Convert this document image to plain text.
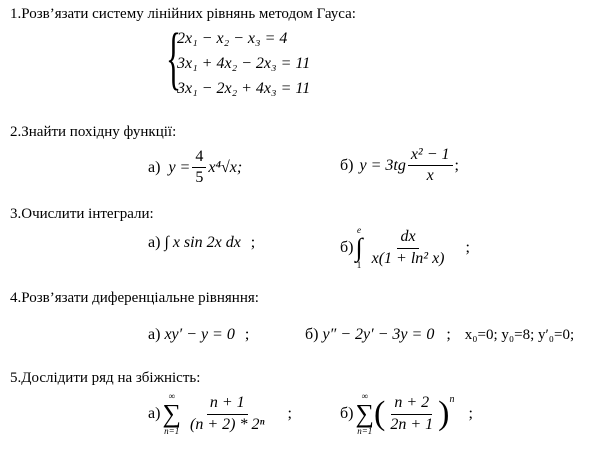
1.Розв’язати систему лінійних рівнянь методом Гауса:
{
2x₁ − x₂ − x₃ = 4
3x₁ + 4x₂ − 2x₃ = 11
3x₁ − 2x₂ + 4x₃ = 11
2.Знайти похідну функції:
а) $y = \frac{4}{5} x^4√x$;	б) $y = 3tg \frac{\text{x² − 1}}{x}$ ;
3.Очислити інтеграли:
а) ∫ x sin 2x dx ;	б)
e
∫
$1 \frac{dx}{\text{x(1 + ln² x)}}$ ;
4.Розв’язати диференціальне рівняння:
а) xy′ − y = 0 ;	б) y″ − 2y′ − 3y = 0 ; x₀=0; y₀=8; y′₀=0;
5.Дослідити ряд на збіжність:
а)
∞
∑
$n=1 \frac{n + 1}{\text{(n + 2) * 2ⁿ}}$ ;	б)
∞
∑
n=1 ( $\frac{n + 2}{2n + 1}$ ) n
;
